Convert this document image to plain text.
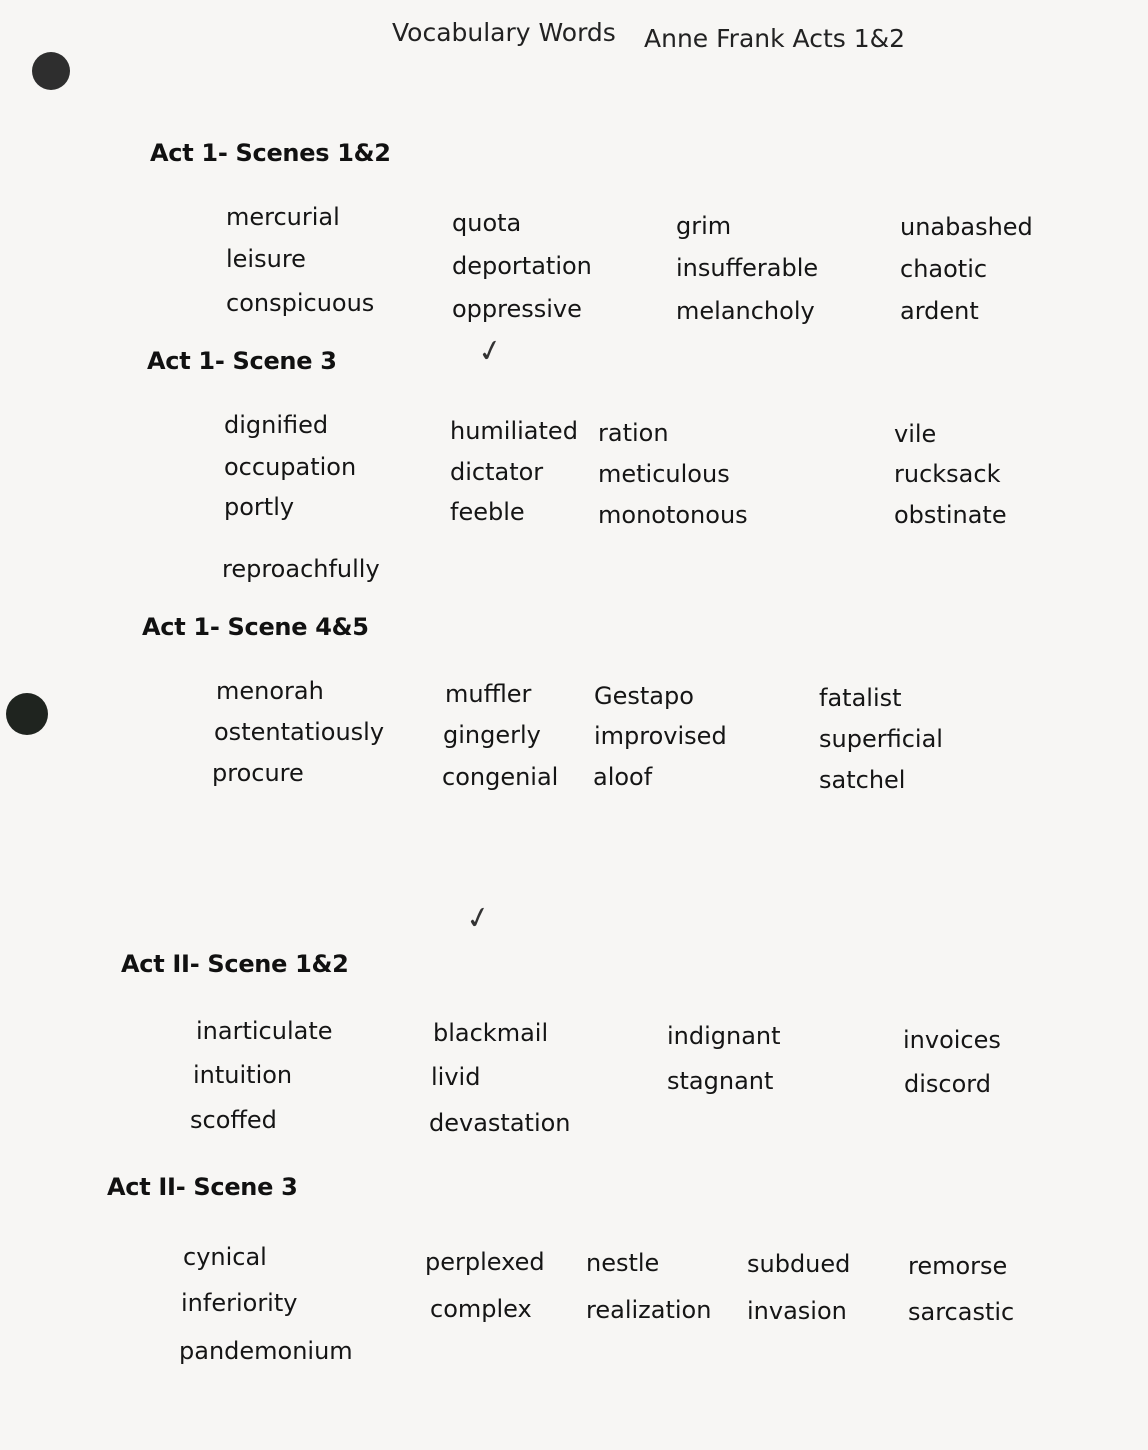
Vocabulary Words Anne Frank Acts 1&2
Act 1- Scenes 1&2
mercurial
leisure
conspicuous
quota
deportation
oppressive
grim
insufferable
melancholy
unabashed
chaotic
ardent
✓
Act 1- Scene 3
dignified
occupation
portly
humiliated
dictator
feeble
ration
meticulous
monotonous
vile
rucksack
obstinate
reproachfully
Act 1- Scene 4&5
menorah
ostentatiously
procure
muffler
gingerly
congenial
Gestapo
improvised
aloof
fatalist
superficial
satchel
✓
Act II- Scene 1&2
inarticulate
intuition
scoffed
blackmail
livid
devastation
indignant
stagnant
invoices
discord
Act II- Scene 3
cynical
inferiority
pandemonium
perplexed
complex
nestle
realization
subdued
invasion
remorse
sarcastic
